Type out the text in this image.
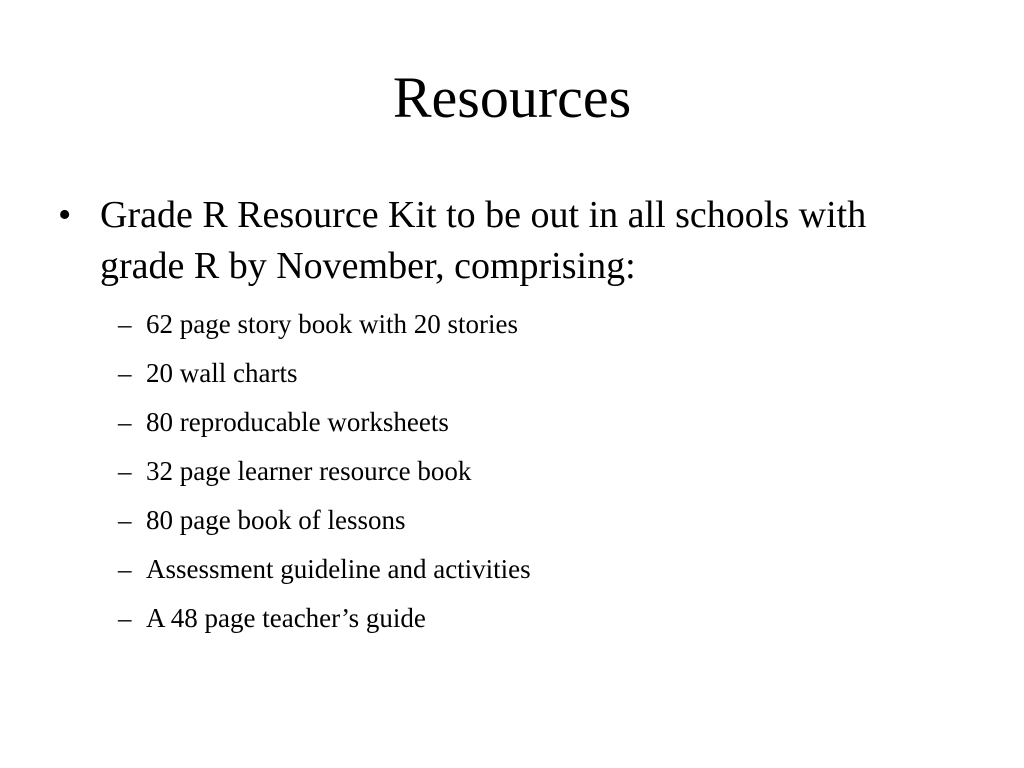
Resources
• Grade R Resource Kit to be out in all schools with grade R by November, comprising:
– 62 page story book with 20 stories
– 20 wall charts
– 80 reproducable worksheets
– 32 page learner resource book
– 80 page book of lessons
– Assessment guideline and activities
– A 48 page teacher’s guide
